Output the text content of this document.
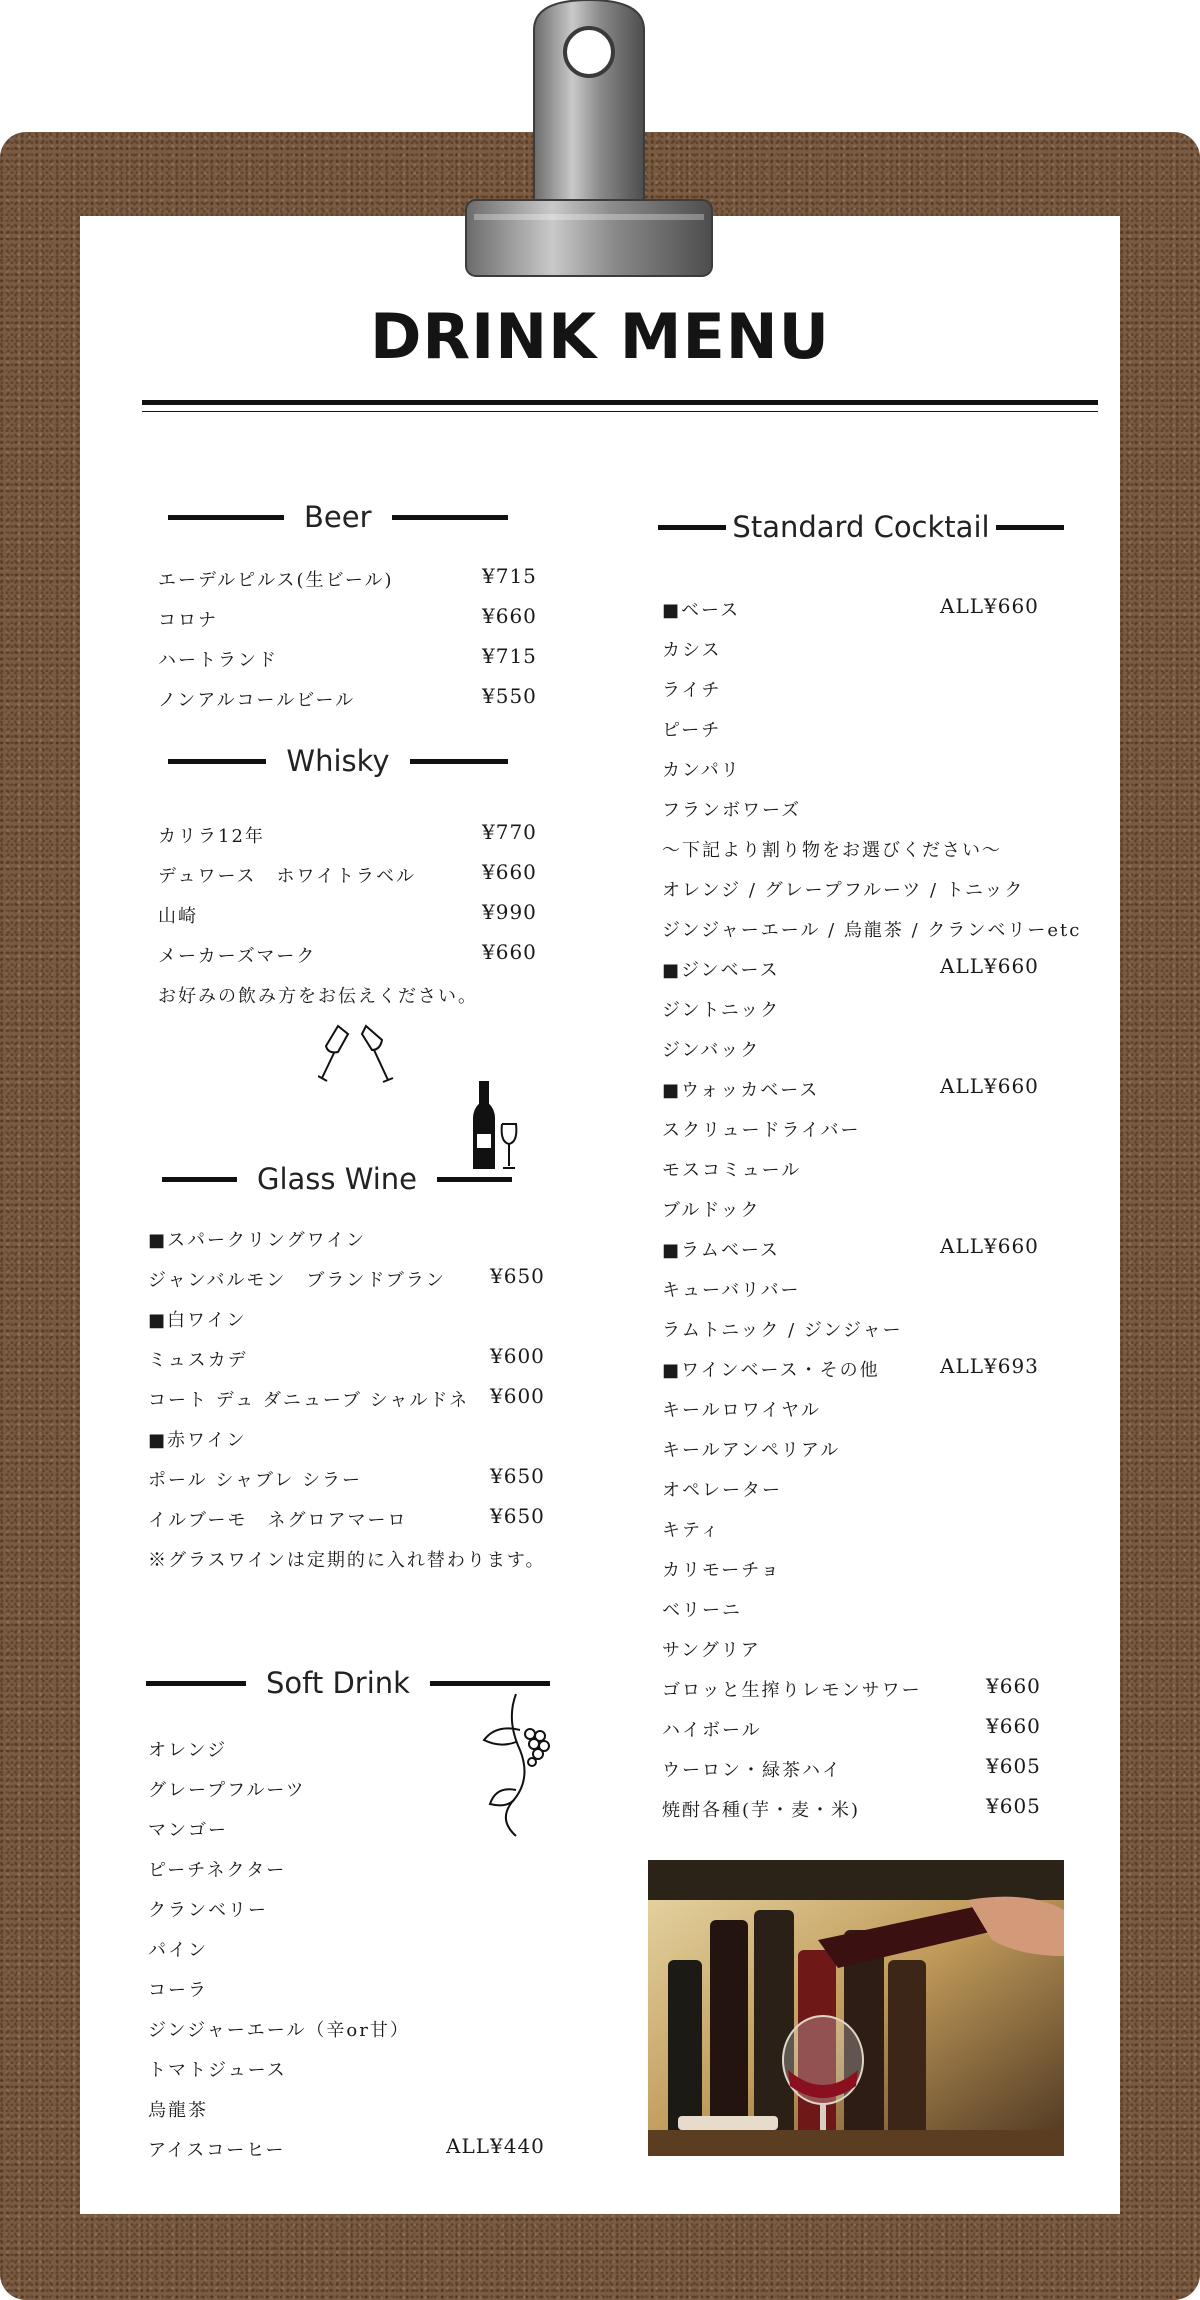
DRINK MENU
Beer
エーデルピルス(生ビール)	¥715
コロナ	¥660
ハートランド	¥715
ノンアルコールビール	¥550
Whisky
カリラ12年	¥770
デュワース　ホワイトラベル	¥660
山崎	¥990
メーカーズマーク	¥660
お好みの飲み方をお伝えください。
Glass Wine
■スパークリングワイン
ジャンバルモン　ブランドブラン ¥650
■白ワイン
ミュスカデ	¥600
コート デュ ダニューブ シャルドネ ¥600
■赤ワイン
ポール シャブレ シラー	¥650
イルブーモ　ネグロアマーロ	¥650
※グラスワインは定期的に入れ替わります。
Soft Drink
オレンジ
グレープフルーツ
マンゴー
ピーチネクター
クランベリー
パイン
コーラ
ジンジャーエール（辛or甘）
トマトジュース
烏龍茶
アイスコーヒー	ALL¥440
Standard Cocktail
■ベース	ALL¥660
カシス
ライチ
ピーチ
カンパリ
フランボワーズ
～下記より割り物をお選びください～
オレンジ / グレープフルーツ / トニック
ジンジャーエール / 烏龍茶 / クランベリーetc
■ジンベース	ALL¥660
ジントニック
ジンバック
■ウォッカベース	ALL¥660
スクリュードライバー
モスコミュール
ブルドック
■ラムベース	ALL¥660
キューバリバー
ラムトニック / ジンジャー
■ワインベース・その他	ALL¥693
キールロワイヤル
キールアンペリアル
オペレーター
キティ
カリモーチョ
ベリーニ
サングリア
ゴロッと生搾りレモンサワー	¥660
ハイボール	¥660
ウーロン・緑茶ハイ	¥605
焼酎各種(芋・麦・米)	¥605
